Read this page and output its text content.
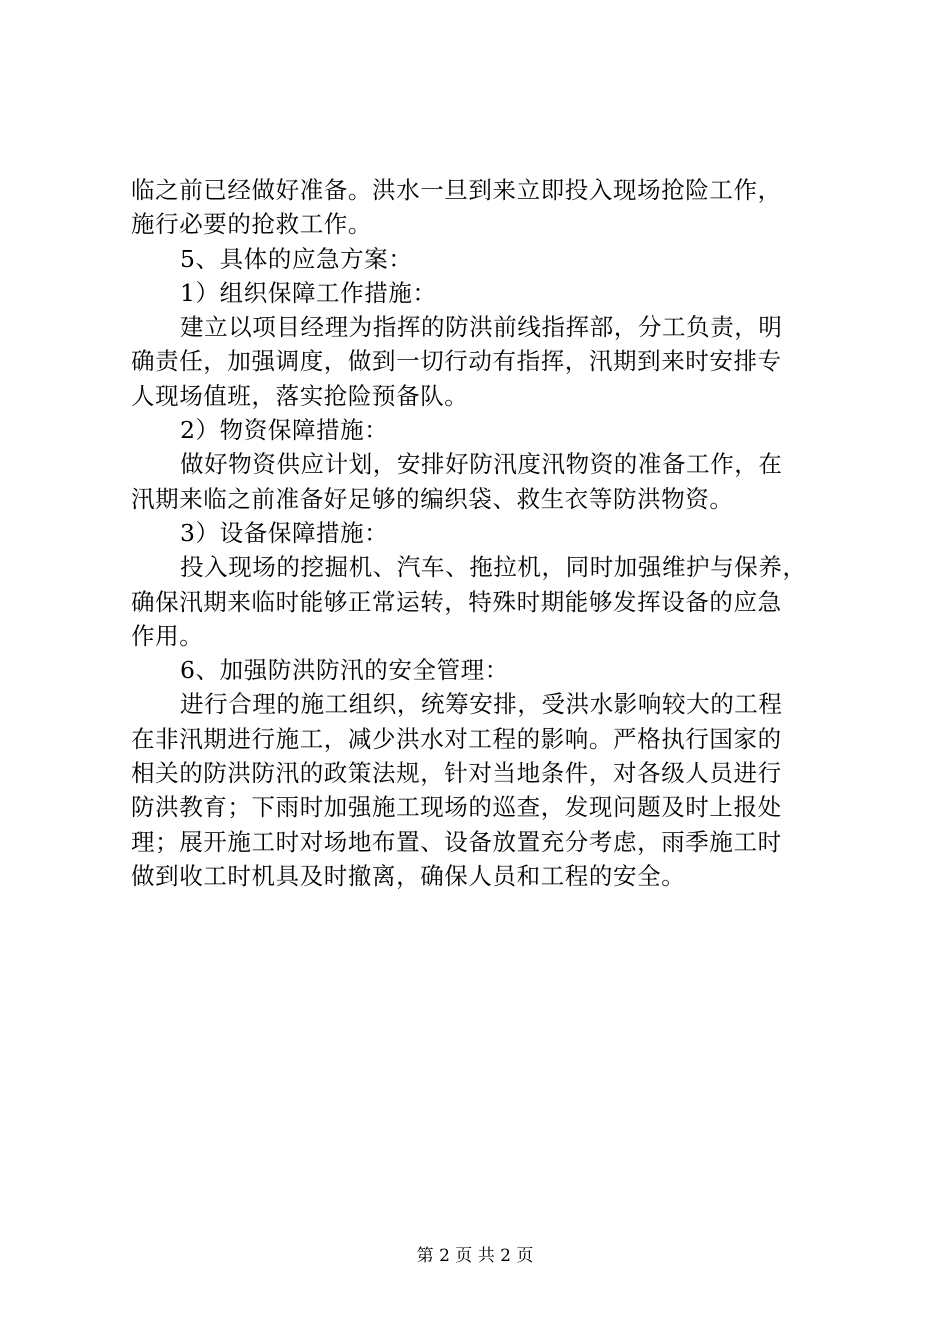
临之前已经做好准备。洪水一旦到来立即投入现场抢险工作，
施行必要的抢救工作。
5、具体的应急方案：
1）组织保障工作措施：
建立以项目经理为指挥的防洪前线指挥部，分工负责，明
确责任，加强调度，做到一切行动有指挥，汛期到来时安排专
人现场值班，落实抢险预备队。
2）物资保障措施：
做好物资供应计划，安排好防汛度汛物资的准备工作，在
汛期来临之前准备好足够的编织袋、救生衣等防洪物资。
3）设备保障措施：
投入现场的挖掘机、汽车、拖拉机，同时加强维护与保养，
确保汛期来临时能够正常运转，特殊时期能够发挥设备的应急
作用。
6、加强防洪防汛的安全管理：
进行合理的施工组织，统筹安排，受洪水影响较大的工程
在非汛期进行施工，减少洪水对工程的影响。严格执行国家的
相关的防洪防汛的政策法规，针对当地条件，对各级人员进行
防洪教育；下雨时加强施工现场的巡查，发现问题及时上报处
理；展开施工时对场地布置、设备放置充分考虑，雨季施工时
做到收工时机具及时撤离，确保人员和工程的安全。
第 2 页 共 2 页
